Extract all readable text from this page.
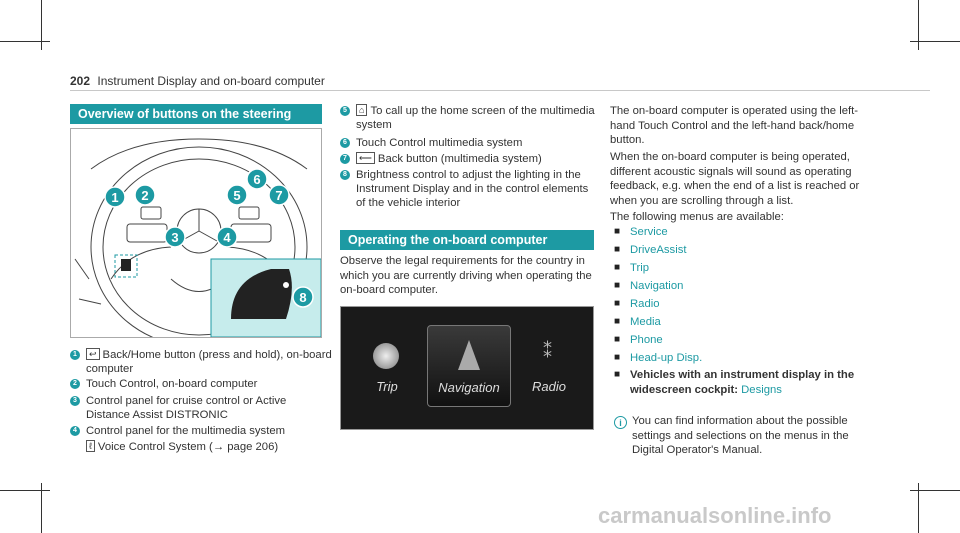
202 Instrument Display and on-board computer
Overview of buttons on the steering wheel
1 2
3	4
5
6
7
8
1	↩ Back/Home button (press and hold), on-board computer
2 Touch Control, on-board computer
3 Control panel for cruise control or Active Distance Assist DISTRONIC
4 Control panel for the multimedia system
ℓ Voice Control System (→ page 206)
5	⌂ To call up the home screen of the multimedia system
6 Touch Control multimedia system
7	⟵ Back button (multimedia system)
8 Brightness control to adjust the lighting in the Instrument Display and in the control elements of the vehicle interior
Operating the on-board computer
Observe the legal requirements for the country in which you are currently driving when operating the on-board computer.
Trip	Navigation
⁑
Radio
The on-board computer is operated using the left-hand Touch Control and the left-hand back/home button.
When the on-board computer is being operated, different acoustic signals will sound as operating feedback, e.g. when the end of a list is reached or when you are scrolling through a list.
The following menus are available:
■ Service
■ DriveAssist
■ Trip
■ Navigation
■ Radio
■ Media
■ Phone
■ Head-up Disp.
■ Vehicles with an instrument display in the widescreen cockpit: Designs
i You can find information about the possible settings and selections on the menus in the Digital Operator's Manual.
carmanualsonline.info
